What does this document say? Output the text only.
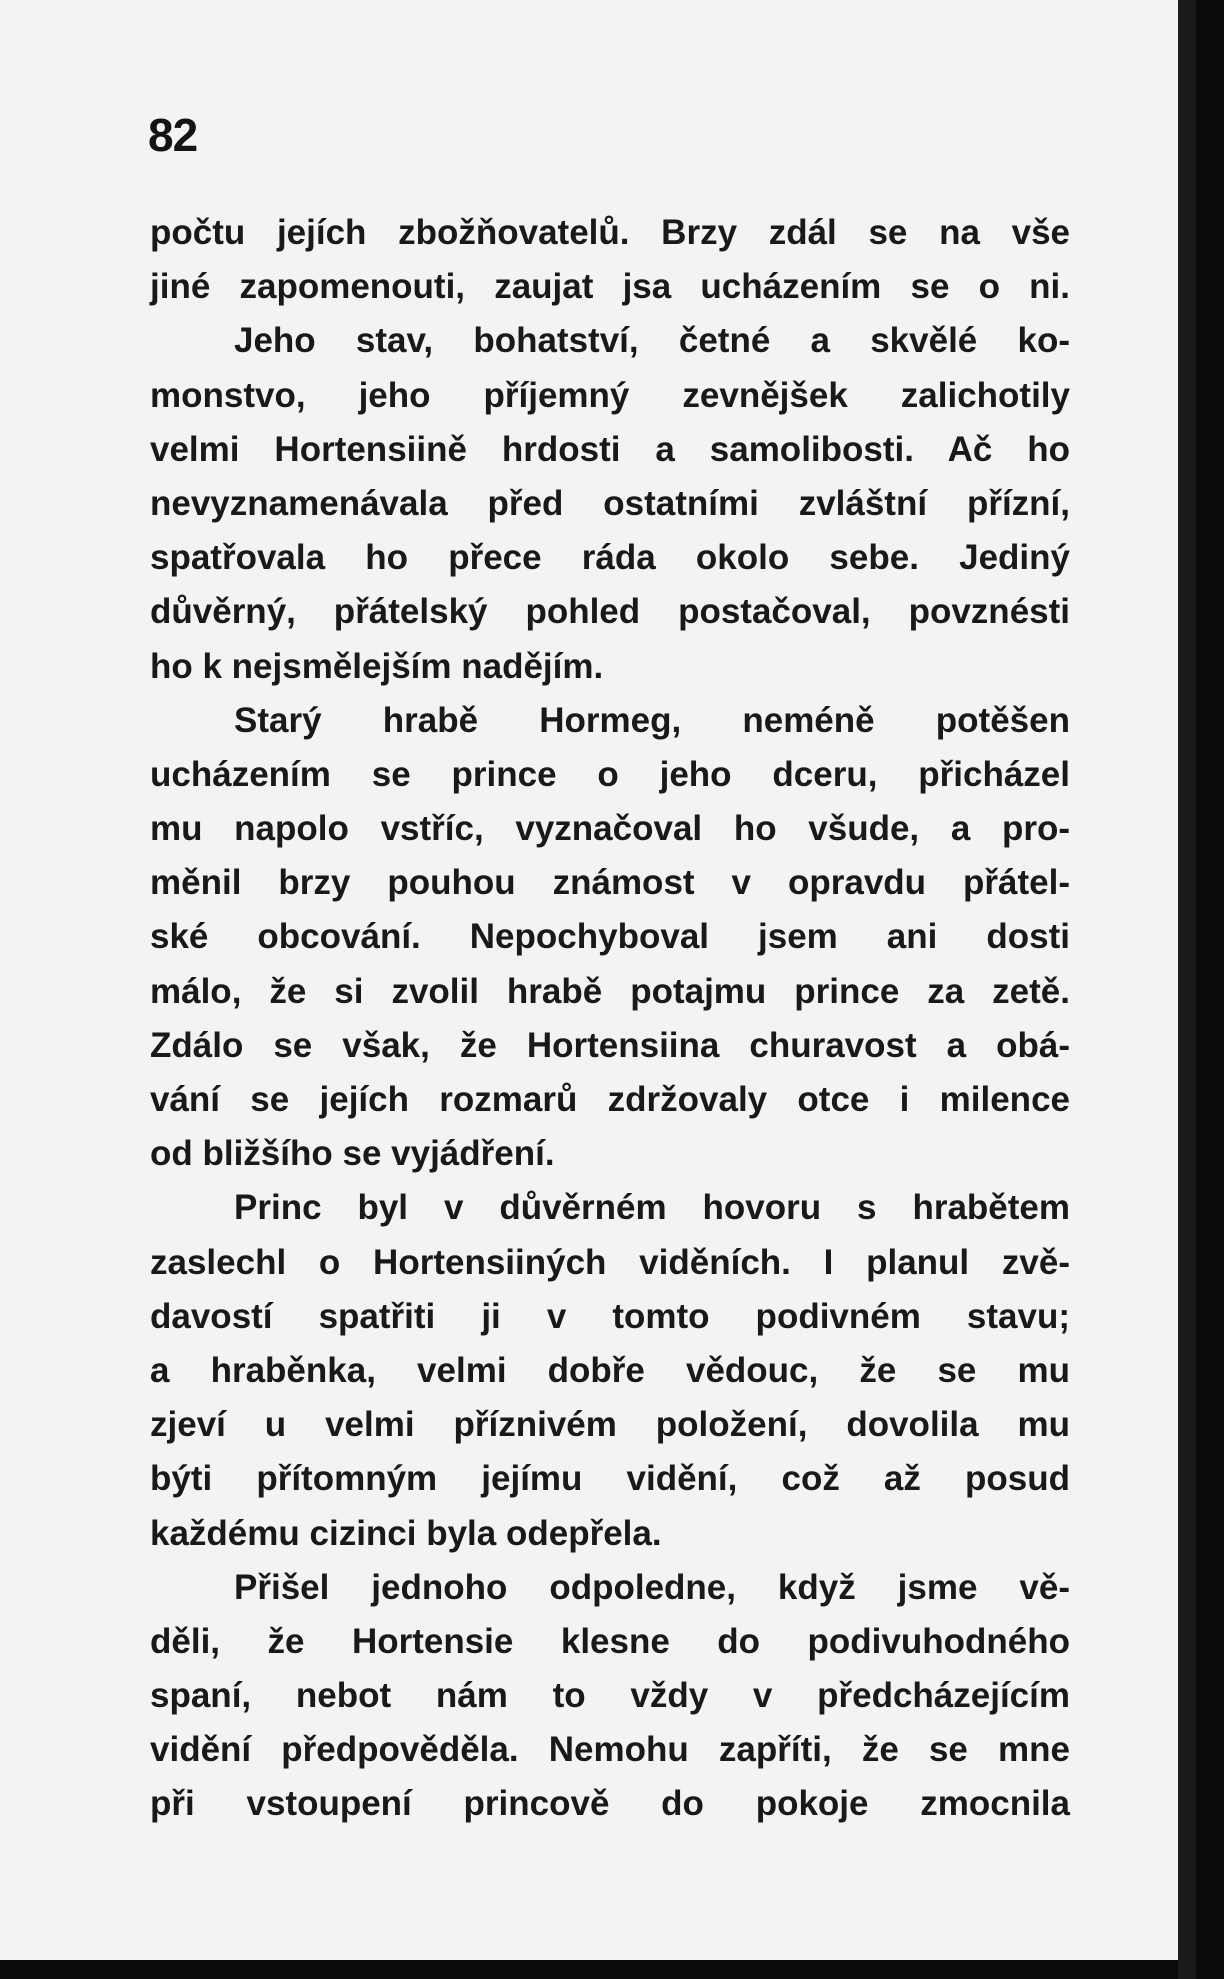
82
počtu jejích zbožňovatelů. Brzy zdál se na vše
jiné zapomenouti, zaujat jsa ucházením se o ni.
Jeho stav, bohatství, četné a skvělé ko-
monstvo, jeho příjemný zevnějšek zalichotily
velmi Hortensiině hrdosti a samolibosti. Ač ho
nevyznamenávala před ostatními zvláštní přízní,
spatřovala ho přece ráda okolo sebe. Jediný
důvěrný, přátelský pohled postačoval, povznésti
ho k nejsmělejším nadějím.
Starý hrabě Hormeg, neméně potěšen
ucházením se prince o jeho dceru, přicházel
mu napolo vstříc, vyznačoval ho všude, a pro-
měnil brzy pouhou známost v opravdu přátel-
ské obcování. Nepochyboval jsem ani dosti
málo, že si zvolil hrabě potajmu prince za zetě.
Zdálo se však, že Hortensiina churavost a obá-
vání se jejích rozmarů zdržovaly otce i milence
od bližšího se vyjádření.
Princ byl v důvěrném hovoru s hrabětem
zaslechl o Hortensiiných viděních. I planul zvě-
davostí spatřiti ji v tomto podivném stavu;
a hraběnka, velmi dobře vědouc, že se mu
zjeví u velmi příznivém položení, dovolila mu
býti přítomným jejímu vidění, což až posud
každému cizinci byla odepřela.
Přišel jednoho odpoledne, když jsme vě-
děli, že Hortensie klesne do podivuhodného
spaní, nebot nám to vždy v předcházejícím
vidění předpověděla. Nemohu zapříti, že se mne
při vstoupení princově do pokoje zmocnila
